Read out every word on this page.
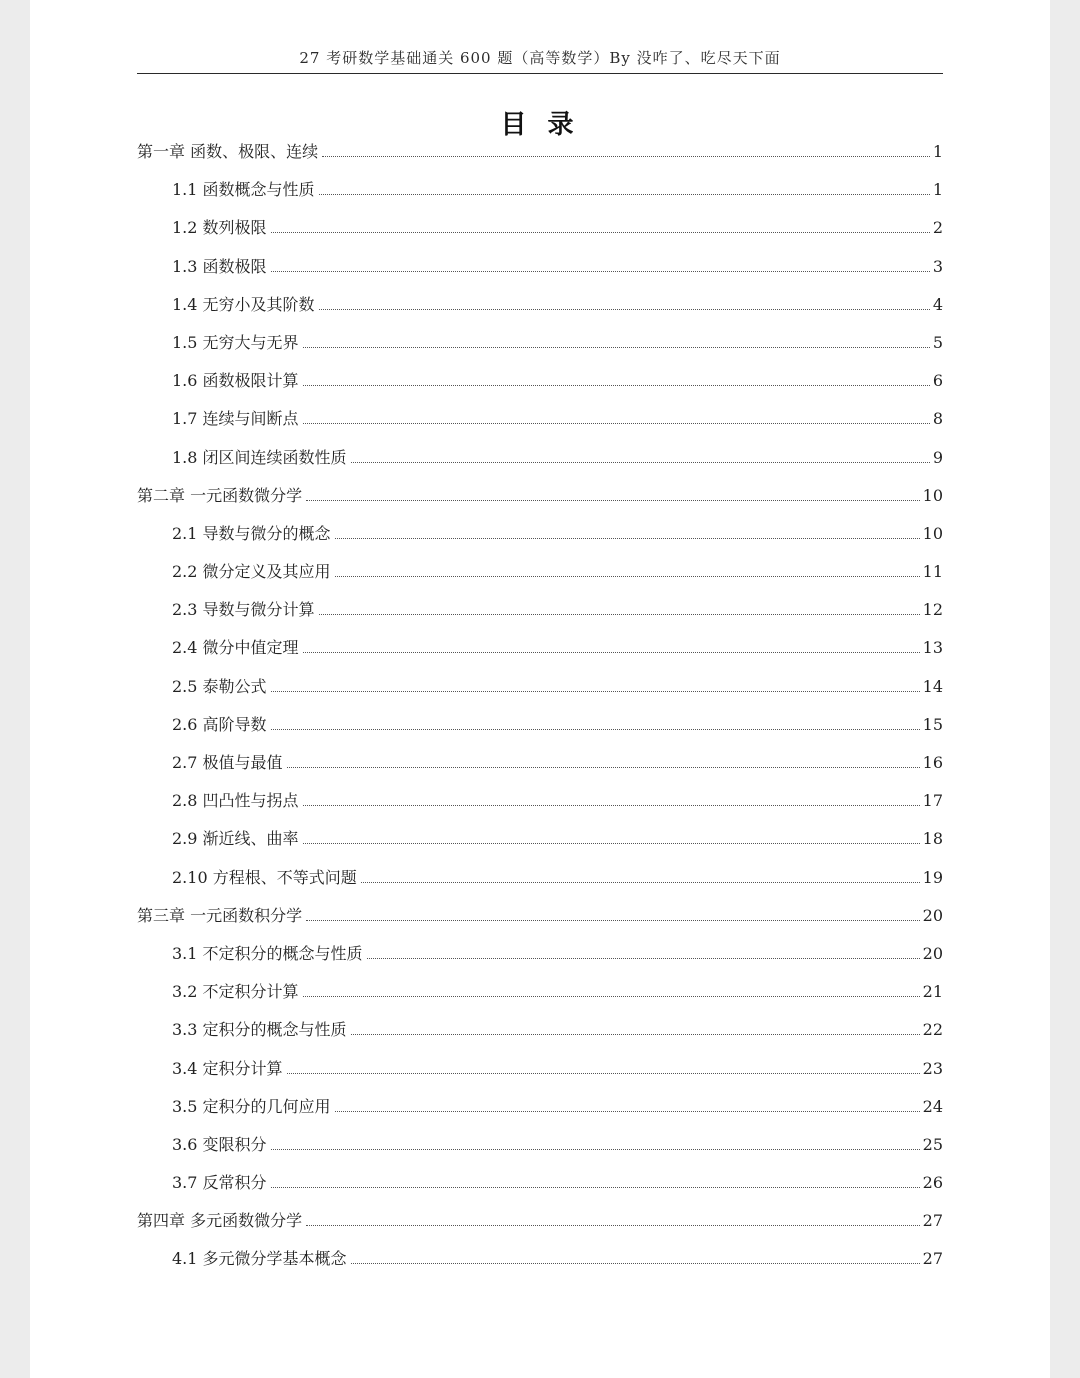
27 考研数学基础通关 600 题（高等数学）By 没咋了、吃尽天下面
目 录
第一章 函数、极限、连续	1
1.1 函数概念与性质	1
1.2 数列极限	2
1.3 函数极限	3
1.4 无穷小及其阶数	4
1.5 无穷大与无界	5
1.6 函数极限计算	6
1.7 连续与间断点	8
1.8 闭区间连续函数性质	9
第二章 一元函数微分学	10
2.1 导数与微分的概念	10
2.2 微分定义及其应用	11
2.3 导数与微分计算	12
2.4 微分中值定理	13
2.5 泰勒公式	14
2.6 高阶导数	15
2.7 极值与最值	16
2.8 凹凸性与拐点	17
2.9 渐近线、曲率	18
2.10 方程根、不等式问题	19
第三章 一元函数积分学	20
3.1 不定积分的概念与性质	20
3.2 不定积分计算	21
3.3 定积分的概念与性质	22
3.4 定积分计算	23
3.5 定积分的几何应用	24
3.6 变限积分	25
3.7 反常积分	26
第四章 多元函数微分学	27
4.1 多元微分学基本概念	27
